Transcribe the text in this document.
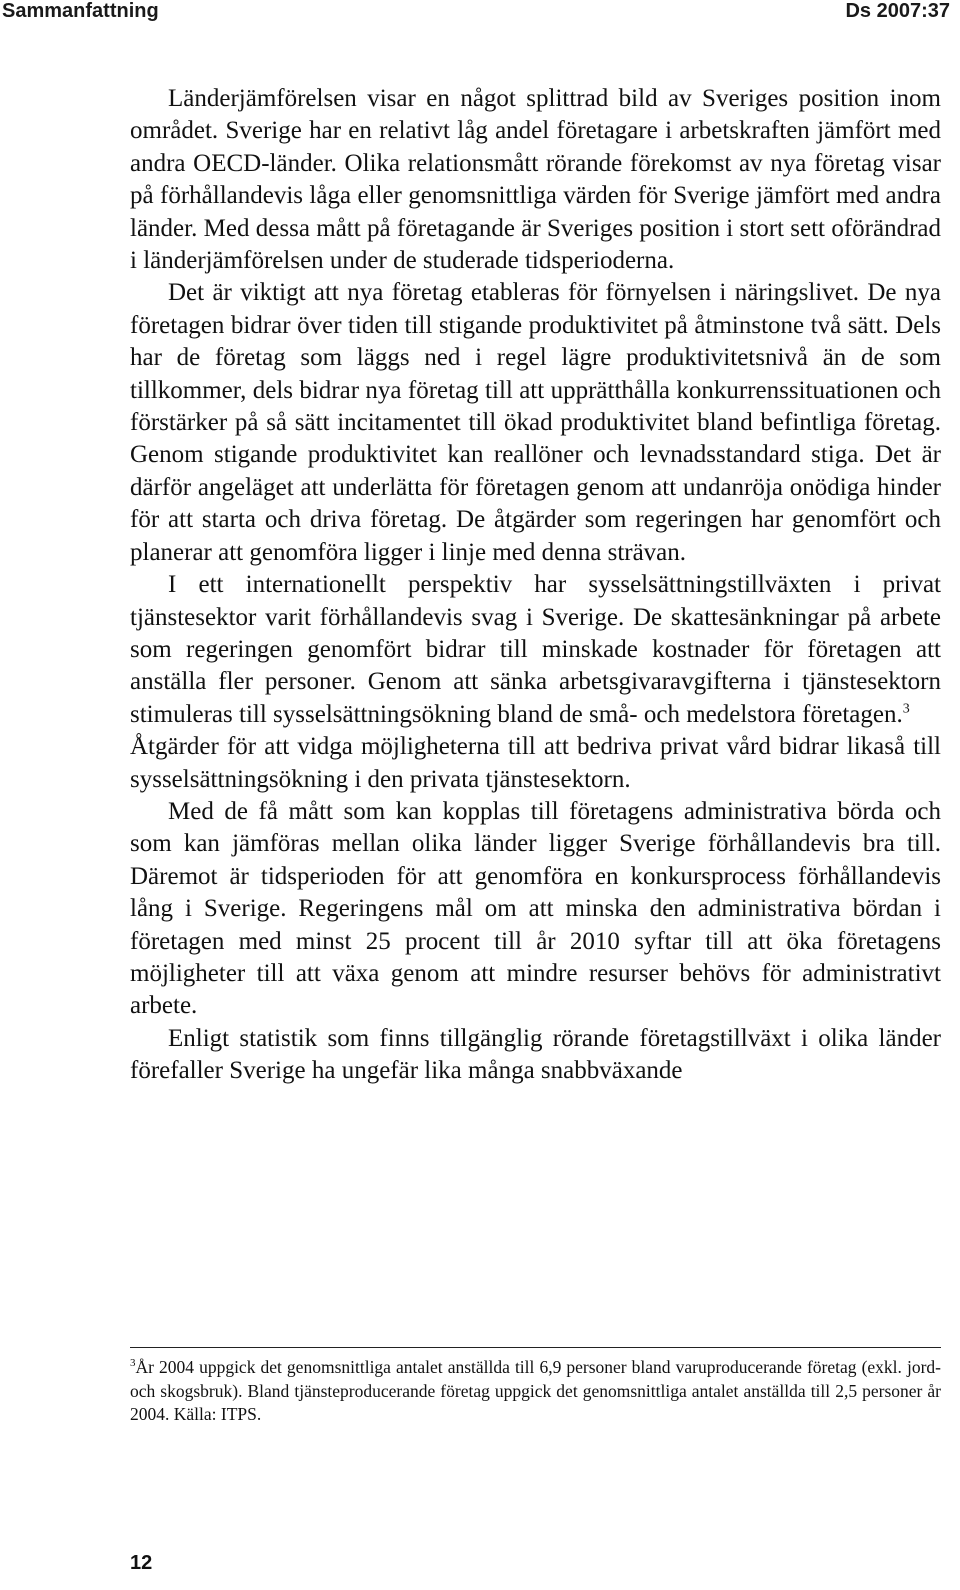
Sammanfattning	Ds 2007:37

Länderjämförelsen visar en något splittrad bild av Sveriges position inom området. Sverige har en relativt låg andel företagare i arbetskraften jämfört med andra OECD-länder. Olika relationsmått rörande förekomst av nya företag visar på förhållandevis låga eller genomsnittliga värden för Sverige jämfört med andra länder. Med dessa mått på företagande är Sveriges position i stort sett oförändrad i länderjämförelsen under de studerade tidsperioderna.

Det är viktigt att nya företag etableras för förnyelsen i näringslivet. De nya företagen bidrar över tiden till stigande produktivitet på åtminstone två sätt. Dels har de företag som läggs ned i regel lägre produktivitetsnivå än de som tillkommer, dels bidrar nya företag till att upprätthålla konkurrenssituationen och förstärker på så sätt incitamentet till ökad produktivitet bland befintliga företag. Genom stigande produktivitet kan reallöner och levnadsstandard stiga. Det är därför angeläget att underlätta för företagen genom att undanröja onödiga hinder för att starta och driva företag. De åtgärder som regeringen har genomfört och planerar att genomföra ligger i linje med denna strävan.

I ett internationellt perspektiv har sysselsättningstillväxten i privat tjänstesektor varit förhållandevis svag i Sverige. De skattesänkningar på arbete som regeringen genomfört bidrar till minskade kostnader för företagen att anställa fler personer. Genom att sänka arbetsgivaravgifterna i tjänstesektorn stimuleras till sysselsättningsökning bland de små- och medelstora företagen.$^3$

Åtgärder för att vidga möjligheterna till att bedriva privat vård bidrar likaså till sysselsättningsökning i den privata tjänstesektorn.

Med de få mått som kan kopplas till företagens administrativa börda och som kan jämföras mellan olika länder ligger Sverige förhållandevis bra till. Däremot är tidsperioden för att genomföra en konkursprocess förhållandevis lång i Sverige. Regeringens mål om att minska den administrativa bördan i företagen med minst 25 procent till år 2010 syftar till att öka företagens möjligheter till att växa genom att mindre resurser behövs för administrativt arbete.

Enligt statistik som finns tillgänglig rörande företagstillväxt i olika länder förefaller Sverige ha ungefär lika många snabbväxande

$^3$År 2004 uppgick det genomsnittliga antalet anställda till 6,9 personer bland varuproducerande företag (exkl. jord- och skogsbruk). Bland tjänsteproducerande företag uppgick det genomsnittliga antalet anställda till 2,5 personer år 2004. Källa: ITPS.
12
